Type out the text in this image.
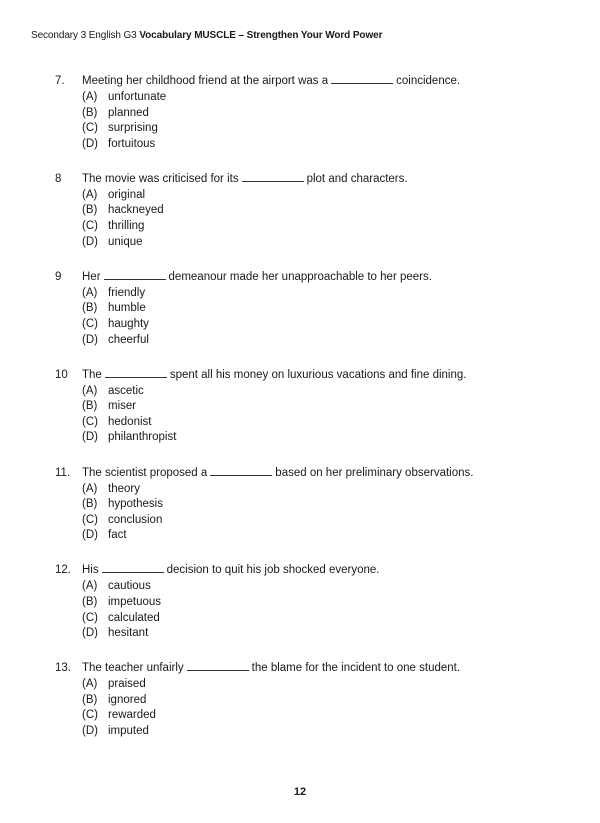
Secondary 3 English G3 Vocabulary MUSCLE – Strengthen Your Word Power
7.	Meeting her childhood friend at the airport was a	coincidence.
(A) unfortunate
(B) planned
(C) surprising
(D) fortuitous
8	The movie was criticised for its	plot and characters.
(A) original
(B) hackneyed
(C) thrilling
(D) unique
9	Her	demeanour made her unapproachable to her peers.
(A) friendly
(B) humble
(C) haughty
(D) cheerful
10	The	spent all his money on luxurious vacations and fine dining.
(A) ascetic
(B) miser
(C) hedonist
(D) philanthropist
11.	The scientist proposed a	based on her preliminary observations.
(A) theory
(B) hypothesis
(C) conclusion
(D) fact
12. His	decision to quit his job shocked everyone.
(A) cautious
(B) impetuous
(C) calculated
(D) hesitant
13. The teacher unfairly	the blame for the incident to one student.
(A) praised
(B) ignored
(C) rewarded
(D) imputed
12
